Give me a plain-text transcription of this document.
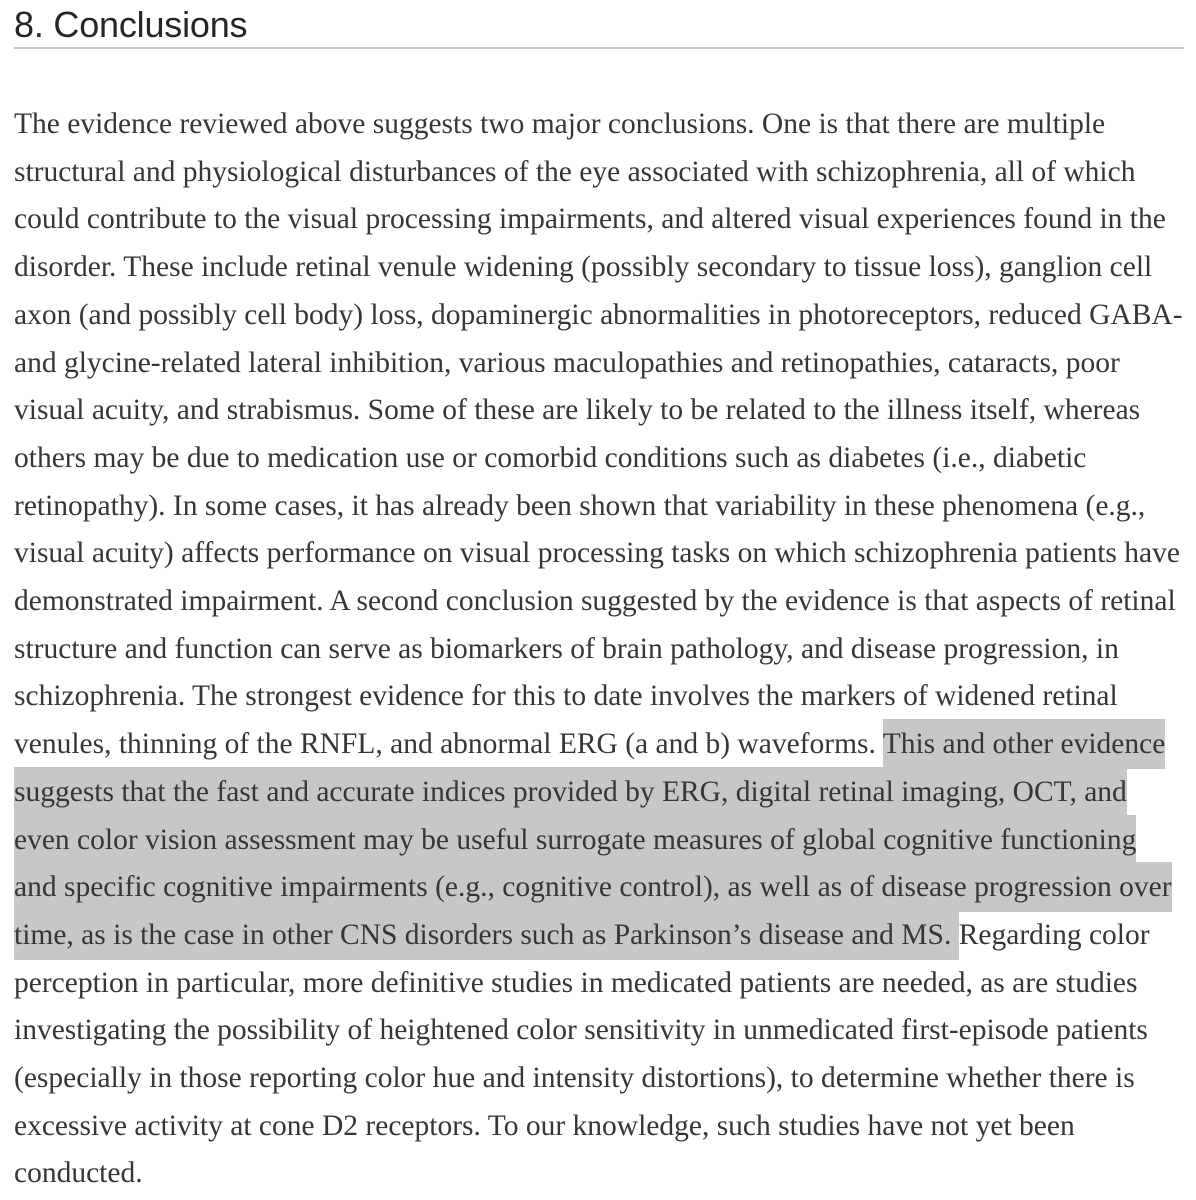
8. Conclusions

The evidence reviewed above suggests two major conclusions. One is that there are multiple structural and physiological disturbances of the eye associated with schizophrenia, all of which could contribute to the visual processing impairments, and altered visual experiences found in the disorder. These include retinal venule widening (possibly secondary to tissue loss), ganglion cell axon (and possibly cell body) loss, dopaminergic abnormalities in photoreceptors, reduced GABA- and glycine-related lateral inhibition, various maculopathies and retinopathies, cataracts, poor visual acuity, and strabismus. Some of these are likely to be related to the illness itself, whereas others may be due to medication use or comorbid conditions such as diabetes (i.e., diabetic retinopathy). In some cases, it has already been shown that variability in these phenomena (e.g., visual acuity) affects performance on visual processing tasks on which schizophrenia patients have demonstrated impairment. A second conclusion suggested by the evidence is that aspects of retinal structure and function can serve as biomarkers of brain pathology, and disease progression, in schizophrenia. The strongest evidence for this to date involves the markers of widened retinal venules, thinning of the RNFL, and abnormal ERG (a and b) waveforms. This and other evidence suggests that the fast and accurate indices provided by ERG, digital retinal imaging, OCT, and even color vision assessment may be useful surrogate measures of global cognitive functioning and specific cognitive impairments (e.g., cognitive control), as well as of disease progression over time, as is the case in other CNS disorders such as Parkinson’s disease and MS. Regarding color perception in particular, more definitive studies in medicated patients are needed, as are studies investigating the possibility of heightened color sensitivity in unmedicated first-episode patients (especially in those reporting color hue and intensity distortions), to determine whether there is excessive activity at cone D2 receptors. To our knowledge, such studies have not yet been conducted.
